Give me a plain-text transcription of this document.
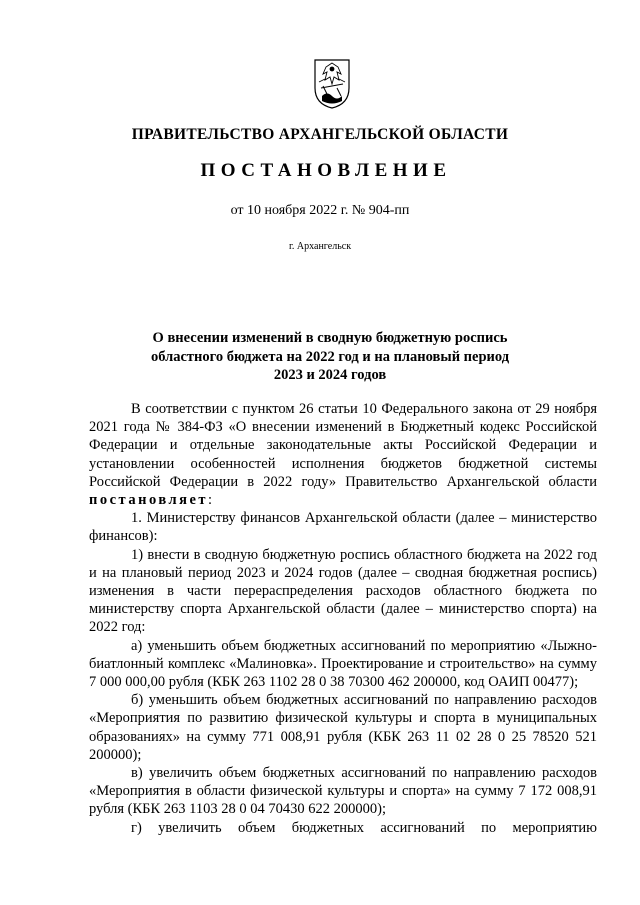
ПРАВИТЕЛЬСТВО АРХАНГЕЛЬСКОЙ ОБЛАСТИ
ПОСТАНОВЛЕНИЕ
от 10 ноября 2022 г. № 904-пп
г. Архангельск
О внесении изменений в сводную бюджетную роспись
областного бюджета на 2022 год и на плановый период
2023 и 2024 годов

В соответствии с пунктом 26 статьи 10 Федерального закона от 29 ноября 2021 года № 384-ФЗ «О внесении изменений в Бюджетный кодекс Российской Федерации и отдельные законодательные акты Российской Федерации и установлении особенностей исполнения бюджетов бюджетной системы Российской Федерации в 2022 году» Правительство Архангельской области постановляет:

1. Министерству финансов Архангельской области (далее – министерство финансов):

1) внести в сводную бюджетную роспись областного бюджета на 2022 год и на плановый период 2023 и 2024 годов (далее – сводная бюджетная роспись) изменения в части перераспределения расходов областного бюджета по министерству спорта Архангельской области (далее – министерство спорта) на 2022 год:

а) уменьшить объем бюджетных ассигнований по мероприятию «Лыжно-биатлонный комплекс «Малиновка». Проектирование и строительство» на сумму 7 000 000,00 рубля (КБК 263 1102 28 0 38 70300 462 200000, код ОАИП 00477);

б) уменьшить объем бюджетных ассигнований по направлению расходов «Мероприятия по развитию физической культуры и спорта в муниципальных образованиях» на сумму 771 008,91 рубля (КБК 263 11 02 28 0 25 78520 521 200000);

в) увеличить объем бюджетных ассигнований по направлению расходов «Мероприятия в области физической культуры и спорта» на сумму 7 172 008,91 рубля (КБК 263 1103 28 0 04 70430 622 200000);

г) увеличить объем бюджетных ассигнований по мероприятию
